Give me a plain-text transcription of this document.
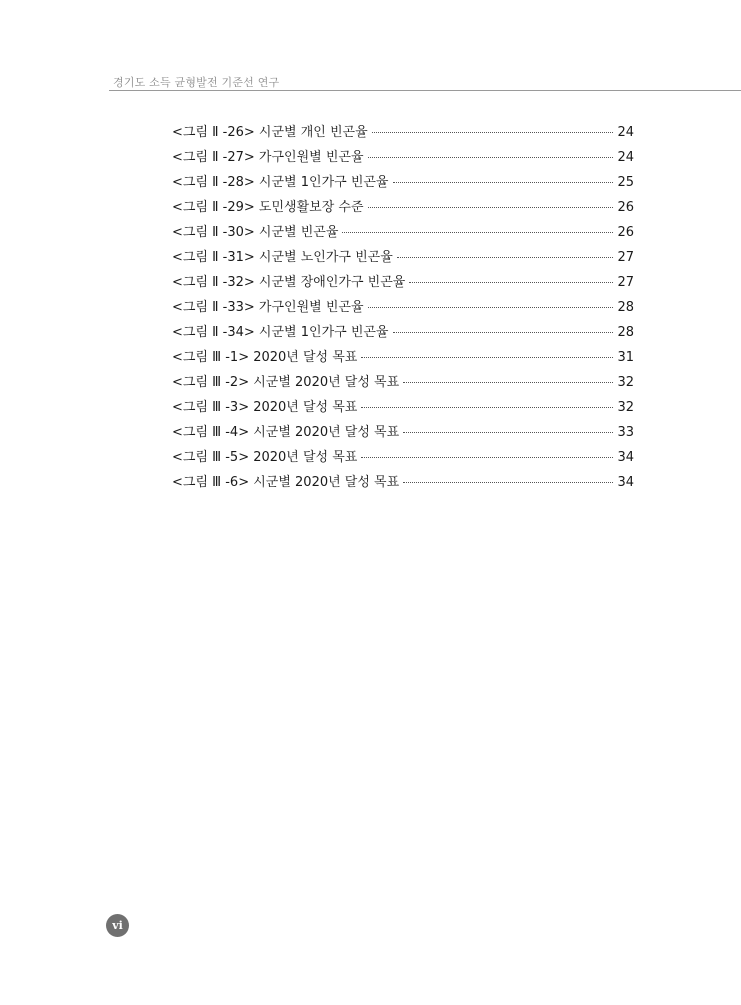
경기도 소득 균형발전 기준선 연구
<그림 Ⅱ -26> 시군별 개인 빈곤율	24
<그림 Ⅱ -27> 가구인원별 빈곤율	24
<그림 Ⅱ -28> 시군별 1인가구 빈곤율	25
<그림 Ⅱ -29> 도민생활보장 수준	26
<그림 Ⅱ -30> 시군별 빈곤율	26
<그림 Ⅱ -31> 시군별 노인가구 빈곤율	27
<그림 Ⅱ -32> 시군별 장애인가구 빈곤율	27
<그림 Ⅱ -33> 가구인원별 빈곤율	28
<그림 Ⅱ -34> 시군별 1인가구 빈곤율	28
<그림 Ⅲ -1> 2020년 달성 목표	31
<그림 Ⅲ -2> 시군별 2020년 달성 목표	32
<그림 Ⅲ -3> 2020년 달성 목표	32
<그림 Ⅲ -4> 시군별 2020년 달성 목표	33
<그림 Ⅲ -5> 2020년 달성 목표	34
<그림 Ⅲ -6> 시군별 2020년 달성 목표	34
vi
